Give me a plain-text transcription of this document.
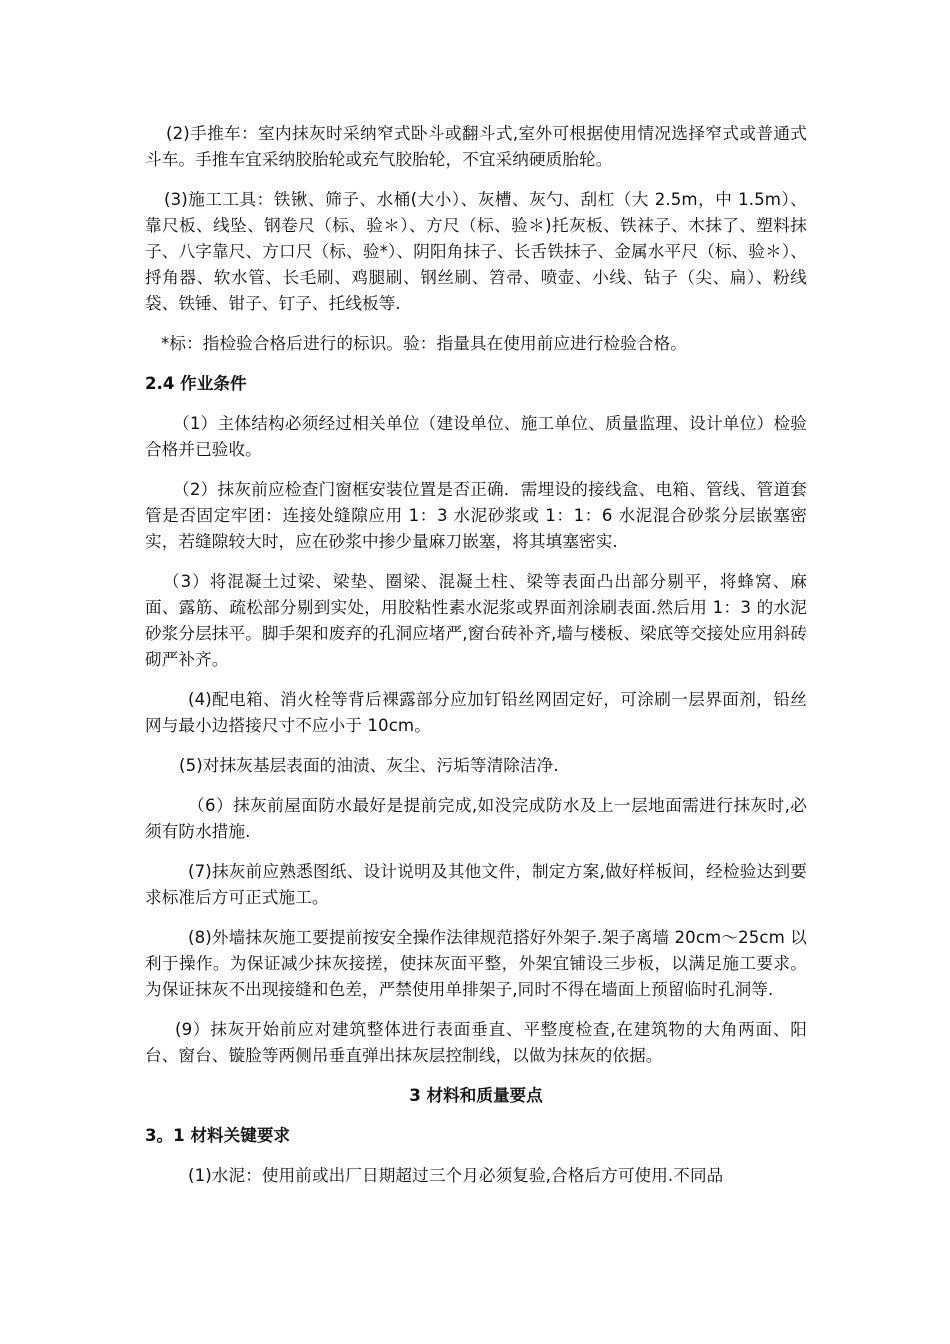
(2)手推车：室内抹灰时采纳窄式卧斗或翻斗式,室外可根据使用情况选择窄式或普通式斗车。手推车宜采纳胶胎轮或充气胶胎轮，不宜采纳硬质胎轮。

(3)施工工具：铁锹、筛子、水桶(大小）、灰槽、灰勺、刮杠（大 2.5m，中 1.5m）、靠尺板、线坠、钢卷尺（标、验＊）、方尺（标、验＊)托灰板、铁袜子、木抹了、塑料抹子、八字靠尺、方口尺（标、验*）、阴阳角抹子、长舌铁抹子、金属水平尺（标、验＊）、捋角器、软水管、长毛刷、鸡腿刷、钢丝刷、笤帚、喷壶、小线、钻子（尖、扁）、粉线袋、铁锤、钳子、钉子、托线板等.

*标：指检验合格后进行的标识。验：指量具在使用前应进行检验合格。

2.4 作业条件

（1）主体结构必须经过相关单位（建设单位、施工单位、质量监理、设计单位）检验合格并已验收。

（2）抹灰前应检查门窗框安装位置是否正确．需埋设的接线盒、电箱、管线、管道套管是否固定牢团：连接处缝隙应用 1：3 水泥砂浆或 1：1：6 水泥混合砂浆分层嵌塞密实，若缝隙较大时，应在砂浆中掺少量麻刀嵌塞，将其填塞密实.

（3）将混凝土过梁、梁垫、圈梁、混凝土柱、梁等表面凸出部分剔平，将蜂窝、麻面、露筋、疏松部分剔到实处，用胶粘性素水泥浆或界面剂涂刷表面.然后用 1：3 的水泥砂浆分层抹平。脚手架和废弃的孔洞应堵严,窗台砖补齐,墙与楼板、梁底等交接处应用斜砖砌严补齐。

(4)配电箱、消火栓等背后裸露部分应加钉铅丝网固定好，可涂刷一层界面剂，铅丝网与最小边搭接尺寸不应小于 10cm。

(5)对抹灰基层表面的油渍、灰尘、污垢等清除洁净.

（6）抹灰前屋面防水最好是提前完成,如没完成防水及上一层地面需进行抹灰时,必须有防水措施.

(7)抹灰前应熟悉图纸、设计说明及其他文件，制定方案,做好样板间，经检验达到要求标准后方可正式施工。

(8)外墙抹灰施工要提前按安全操作法律规范搭好外架子.架子离墙 20cm～25cm 以利于操作。为保证减少抹灰接搓，使抹灰面平整，外架宜铺设三步板，以满足施工要求。为保证抹灰不出现接缝和色差，严禁使用单排架子,同时不得在墙面上预留临时孔洞等.

(9）抹灰开始前应对建筑整体进行表面垂直、平整度检查,在建筑物的大角两面、阳台、窗台、镟脸等两侧吊垂直弹出抹灰层控制线，以做为抹灰的依据。

3 材料和质量要点

3。1 材料关键要求

(1)水泥：使用前或出厂日期超过三个月必须复验,合格后方可使用.不同品
